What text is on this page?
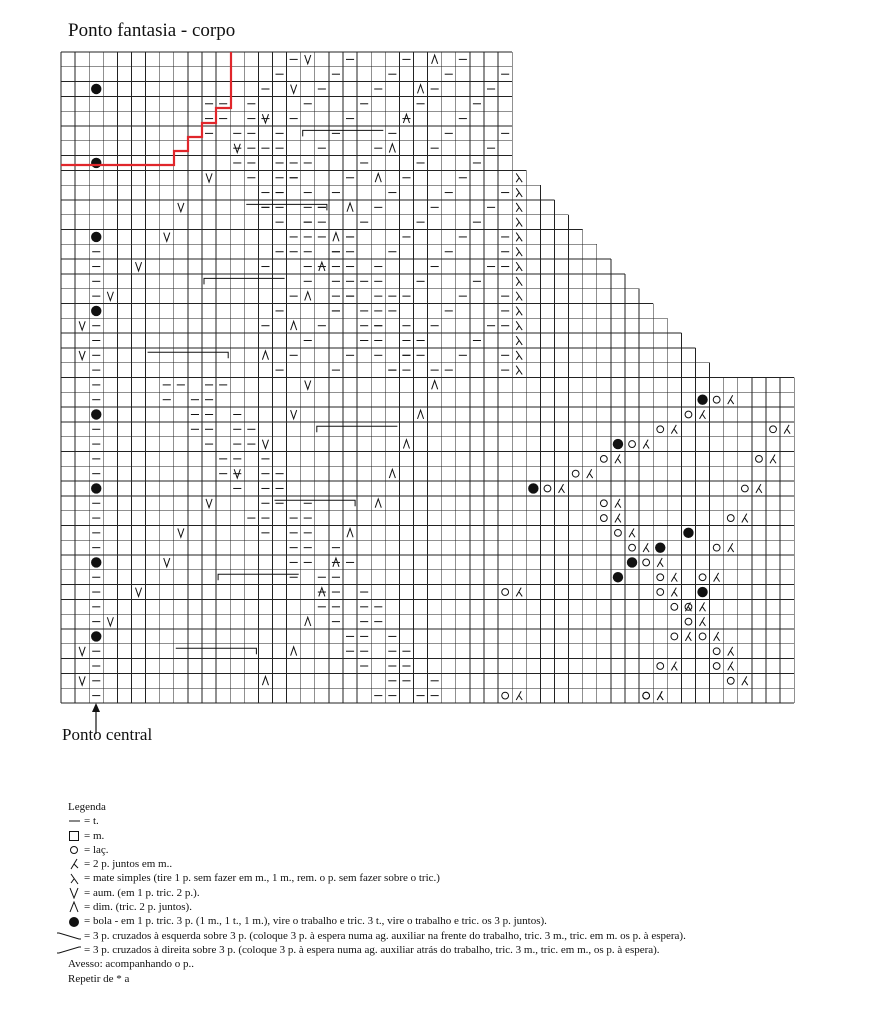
Ponto fantasia - corpo
Ponto central
Legenda
= t.
= m.
= laç.
= 2 p. juntos em m..
= mate simples (tire 1 p. sem fazer em m., 1 m., rem. o p. sem fazer sobre o tric.)
= aum. (em 1 p. tric. 2 p.).
= dim. (tric. 2 p. juntos).
= bola - em 1 p. tric. 3 p. (1 m., 1 t., 1 m.), vire o trabalho e tric. 3 t., vire o trabalho e tric. os 3 p. juntos).
= 3 p. cruzados à esquerda sobre 3 p. (coloque 3 p. à espera numa ag. auxiliar na frente do trabalho, tric. 3 m., tric. em m. os p. à espera).
= 3 p. cruzados à direita sobre 3 p. (coloque 3 p. à espera numa ag. auxiliar atrás do trabalho, tric. 3 m., tric. em m., os p. à espera).
Avesso: acompanhando o p..
Repetir de * a
